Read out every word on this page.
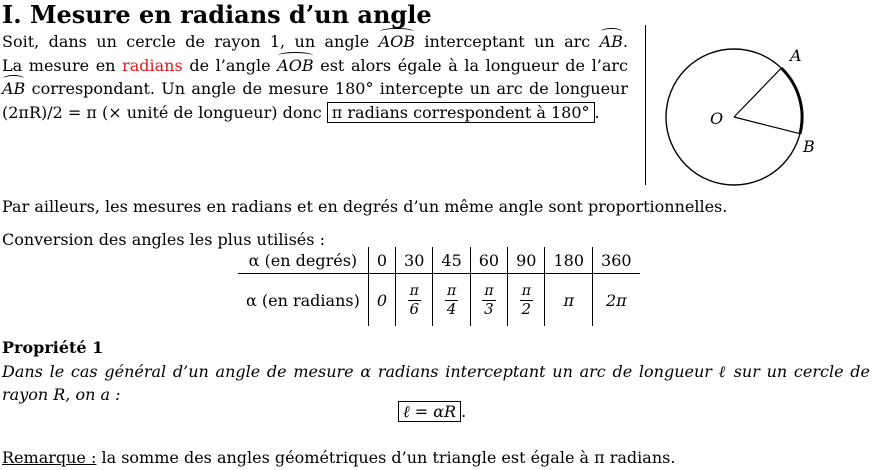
I. Mesure en radians d’un angle
Soit, dans un cercle de rayon 1, un angle AOB interceptant un arc AB.
La mesure en radians de l’angle AOB est alors égale à la longueur de l’arc
AB correspondant. Un angle de mesure 180° intercepte un arc de longueur
(2πR)/2 = π (× unité de longueur) donc π radians correspondent à 180° .
A
B
O
Par ailleurs, les mesures en radians et en degrés d’un même angle sont proportionnelles.
Conversion des angles les plus utilisés :
α (en degrés)	0	30	45	60	90	180	360
α (en radians)	0	$\frac{\pi}{6}$	$\frac{\pi}{4}$	$\frac{\pi}{3}$	$\frac{\pi}{2}$	π	2π
Propriété 1
Dans le cas général d’un angle de mesure α radians interceptant un arc de longueur ℓ sur un cercle de
rayon R, on a :
ℓ = αR .
Remarque : la somme des angles géométriques d’un triangle est égale à π radians.
